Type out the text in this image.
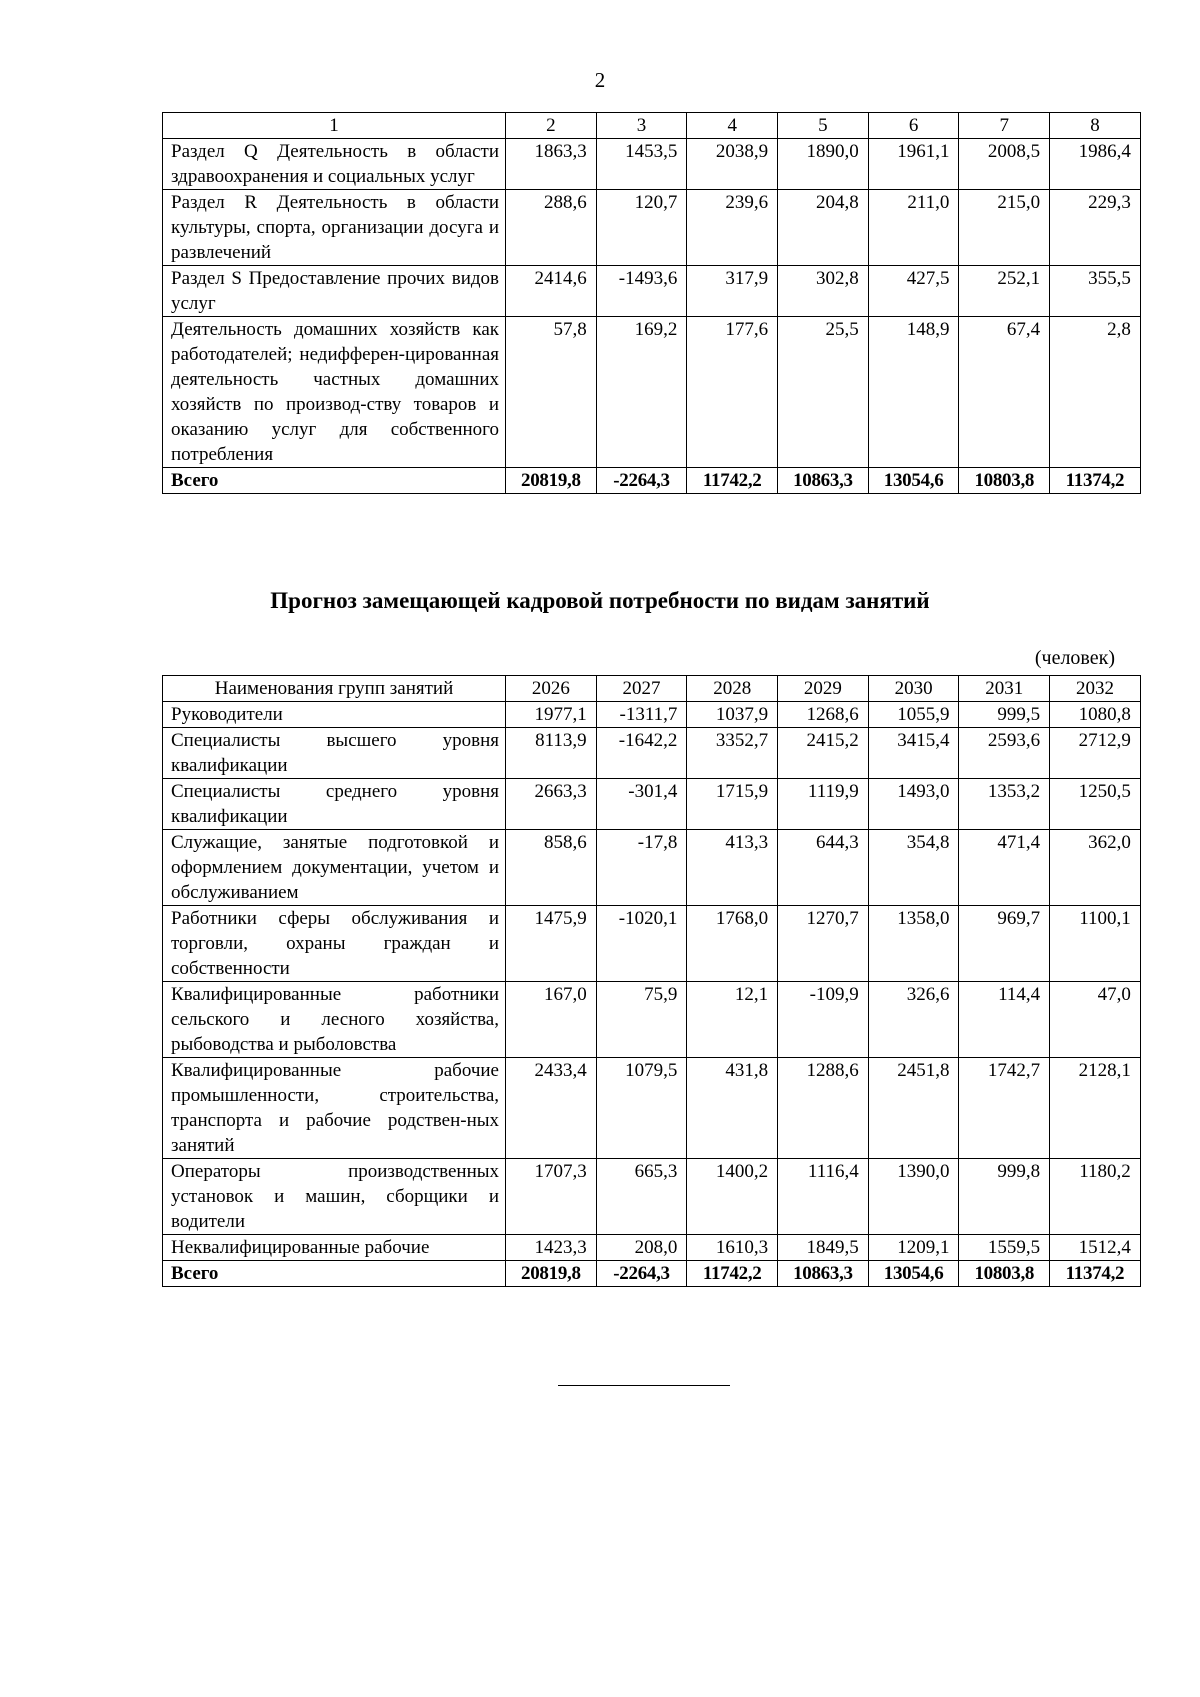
2
1	2	3	4	5	6	7	8
Раздел Q Деятельность в области здравоохранения и социальных услуг	1863,3	1453,5	2038,9	1890,0	1961,1	2008,5	1986,4
Раздел R Деятельность в области культуры, спорта, организации досуга и развлечений	288,6	120,7	239,6	204,8	211,0	215,0	229,3
Раздел S Предоставление прочих видов услуг	2414,6	-1493,6	317,9	302,8	427,5	252,1	355,5
Деятельность домашних хозяйств как работодателей; недифферен-цированная деятельность частных домашних хозяйств по производ-ству товаров и оказанию услуг для собственного потребления	57,8	169,2	177,6	25,5	148,9	67,4	2,8
Всего	20819,8	-2264,3	11742,2	10863,3	13054,6	10803,8	11374,2
Прогноз замещающей кадровой потребности по видам занятий
(человек)
Наименования групп занятий	2026	2027	2028	2029	2030	2031	2032
Руководители	1977,1	-1311,7	1037,9	1268,6	1055,9	999,5	1080,8
Специалисты высшего уровня квалификации	8113,9	-1642,2	3352,7	2415,2	3415,4	2593,6	2712,9
Специалисты среднего уровня квалификации	2663,3	-301,4	1715,9	1119,9	1493,0	1353,2	1250,5
Служащие, занятые подготовкой и оформлением документации, учетом и обслуживанием	858,6	-17,8	413,3	644,3	354,8	471,4	362,0
Работники сферы обслуживания и торговли, охраны граждан и собственности	1475,9	-1020,1	1768,0	1270,7	1358,0	969,7	1100,1
Квалифицированные работники сельского и лесного хозяйства, рыбоводства и рыболовства	167,0	75,9	12,1	-109,9	326,6	114,4	47,0
Квалифицированные рабочие промышленности, строительства, транспорта и рабочие родствен-ных занятий	2433,4	1079,5	431,8	1288,6	2451,8	1742,7	2128,1
Операторы производственных установок и машин, сборщики и водители	1707,3	665,3	1400,2	1116,4	1390,0	999,8	1180,2
Неквалифицированные рабочие	1423,3	208,0	1610,3	1849,5	1209,1	1559,5	1512,4
Всего	20819,8	-2264,3	11742,2	10863,3	13054,6	10803,8	11374,2
